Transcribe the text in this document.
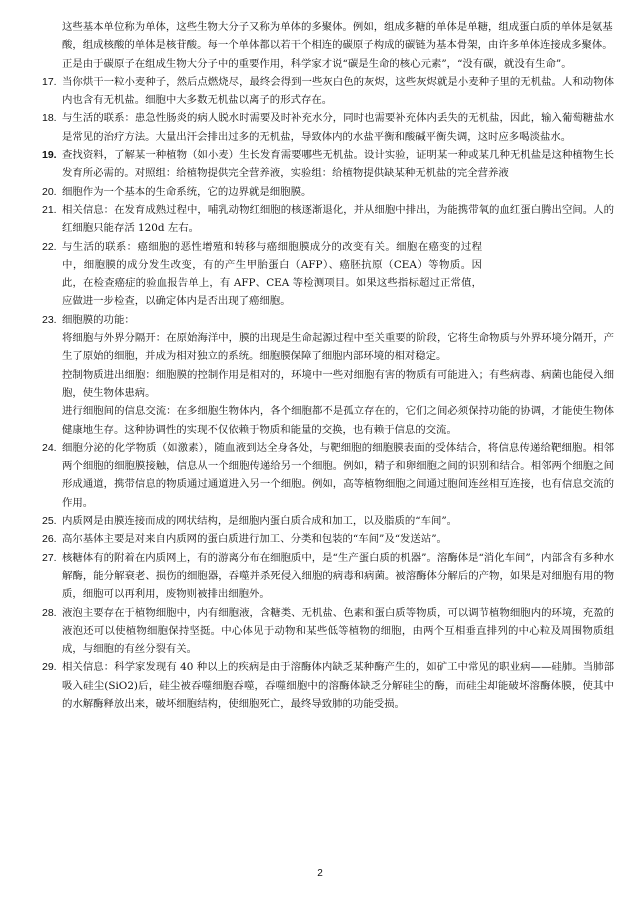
这些基本单位称为单体，这些生物大分子又称为单体的多聚体。例如，组成多糖的单体是单糖，组成蛋白质的单体是氨基酸，组成核酸的单体是核苷酸。每一个单体都以若干个相连的碳原子构成的碳链为基本骨架，由许多单体连接成多聚体。正是由于碳原子在组成生物大分子中的重要作用，科学家才说“碳是生命的核心元素”，“没有碳，就没有生命”。
17. 当你烘干一粒小麦种子，然后点燃烧尽，最终会得到一些灰白色的灰烬，这些灰烬就是小麦种子里的无机盐。人和动物体内也含有无机盐。细胞中大多数无机盐以离子的形式存在。
18. 与生活的联系：患急性肠炎的病人脱水时需要及时补充水分，同时也需要补充体内丢失的无机盐，因此，输入葡萄糖盐水是常见的治疗方法。大量出汗会排出过多的无机盐，导致体内的水盐平衡和酸碱平衡失调，这时应多喝淡盐水。
19. 查找资料，了解某一种植物（如小麦）生长发育需要哪些无机盐。设计实验，证明某一种或某几种无机盐是这种植物生长发育所必需的。对照组：给植物提供完全营养液，实验组：给植物提供缺某种无机盐的完全营养液
20. 细胞作为一个基本的生命系统，它的边界就是细胞膜。
21. 相关信息：在发育成熟过程中，哺乳动物红细胞的核逐渐退化，并从细胞中排出，为能携带氧的血红蛋白腾出空间。人的红细胞只能存活 120d 左右。
22. 与生活的联系：癌细胞的恶性增殖和转移与癌细胞膜成分的改变有关。细胞在癌变的过程中，细胞膜的成分发生改变，有的产生甲胎蛋白（AFP）、癌胚抗原（CEA）等物质。因此，在检查癌症的验血报告单上，有 AFP、CEA 等检测项目。如果这些指标超过正常值，应做进一步检查，以确定体内是否出现了癌细胞。
23. 细胞膜的功能：
将细胞与外界分隔开：在原始海洋中，膜的出现是生命起源过程中至关重要的阶段，它将生命物质与外界环境分隔开，产生了原始的细胞，并成为相对独立的系统。细胞膜保障了细胞内部环境的相对稳定。
控制物质进出细胞：细胞膜的控制作用是相对的，环境中一些对细胞有害的物质有可能进入；有些病毒、病菌也能侵入细胞，使生物体患病。
进行细胞间的信息交流：在多细胞生物体内，各个细胞都不是孤立存在的，它们之间必须保持功能的协调，才能使生物体健康地生存。这种协调性的实现不仅依赖于物质和能量的交换，也有赖于信息的交流。
24. 细胞分泌的化学物质（如激素），随血液到达全身各处，与靶细胞的细胞膜表面的受体结合，将信息传递给靶细胞。相邻两个细胞的细胞膜接触，信息从一个细胞传递给另一个细胞。例如，精子和卵细胞之间的识别和结合。相邻两个细胞之间形成通道，携带信息的物质通过通道进入另一个细胞。例如，高等植物细胞之间通过胞间连丝相互连接，也有信息交流的作用。
25. 内质网是由膜连接而成的网状结构，是细胞内蛋白质合成和加工，以及脂质的“车间”。
26. 高尔基体主要是对来自内质网的蛋白质进行加工、分类和包装的“车间”及“发送站”。
27. 核糖体有的附着在内质网上，有的游离分布在细胞质中，是“生产蛋白质的机器”。溶酶体是“消化车间”，内部含有多种水解酶，能分解衰老、损伤的细胞器，吞噬并杀死侵入细胞的病毒和病菌。被溶酶体分解后的产物，如果是对细胞有用的物质，细胞可以再利用，废物则被排出细胞外。
28. 液泡主要存在于植物细胞中，内有细胞液，含糖类、无机盐、色素和蛋白质等物质，可以调节植物细胞内的环境，充盈的液泡还可以使植物细胞保持坚挺。中心体见于动物和某些低等植物的细胞，由两个互相垂直排列的中心粒及周围物质组成，与细胞的有丝分裂有关。
29. 相关信息：科学家发现有 40 种以上的疾病是由于溶酶体内缺乏某种酶产生的，如矿工中常见的职业病——硅肺。当肺部吸入硅尘(SiO2)后，硅尘被吞噬细胞吞噬，吞噬细胞中的溶酶体缺乏分解硅尘的酶，而硅尘却能破坏溶酶体膜，使其中的水解酶释放出来，破坏细胞结构，使细胞死亡，最终导致肺的功能受损。
2
